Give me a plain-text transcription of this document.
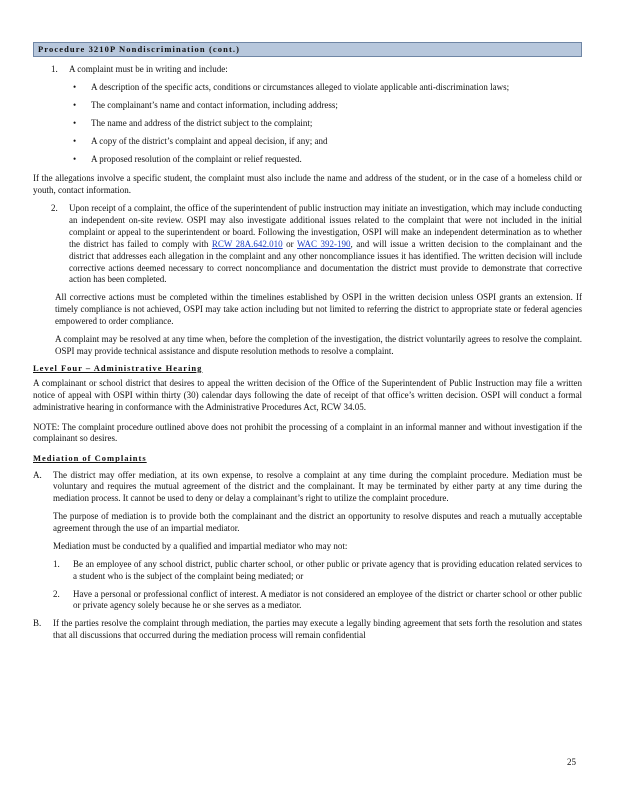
Procedure 3210P Nondiscrimination (cont.)
1. A complaint must be in writing and include:
• A description of the specific acts, conditions or circumstances alleged to violate applicable anti-discrimination laws;
• The complainant’s name and contact information, including address;
• The name and address of the district subject to the complaint;
• A copy of the district’s complaint and appeal decision, if any; and
• A proposed resolution of the complaint or relief requested.

If the allegations involve a specific student, the complaint must also include the name and address of the student, or in the case of a homeless child or youth, contact information.

2. Upon receipt of a complaint, the office of the superintendent of public instruction may initiate an investigation, which may include conducting an independent on-site review. OSPI may also investigate additional issues related to the complaint that were not included in the initial complaint or appeal to the superintendent or board. Following the investigation, OSPI will make an independent determination as to whether the district has failed to comply with RCW 28A.642.010 or WAC 392-190, and will issue a written decision to the complainant and the district that addresses each allegation in the complaint and any other noncompliance issues it has identified. The written decision will include corrective actions deemed necessary to correct noncompliance and documentation the district must provide to demonstrate that corrective action has been completed.

All corrective actions must be completed within the timelines established by OSPI in the written decision unless OSPI grants an extension. If timely compliance is not achieved, OSPI may take action including but not limited to referring the district to appropriate state or federal agencies empowered to order compliance.

A complaint may be resolved at any time when, before the completion of the investigation, the district voluntarily agrees to resolve the complaint. OSPI may provide technical assistance and dispute resolution methods to resolve a complaint.

Level Four – Administrative Hearing

A complainant or school district that desires to appeal the written decision of the Office of the Superintendent of Public Instruction may file a written notice of appeal with OSPI within thirty (30) calendar days following the date of receipt of that office’s written decision. OSPI will conduct a formal administrative hearing in conformance with the Administrative Procedures Act, RCW 34.05.

NOTE: The complaint procedure outlined above does not prohibit the processing of a complaint in an informal manner and without investigation if the complainant so desires.

Mediation of Complaints
A. The district may offer mediation, at its own expense, to resolve a complaint at any time during the complaint procedure. Mediation must be voluntary and requires the mutual agreement of the district and the complainant. It may be terminated by either party at any time during the mediation process. It cannot be used to deny or delay a complainant’s right to utilize the complaint procedure.

The purpose of mediation is to provide both the complainant and the district an opportunity to resolve disputes and reach a mutually acceptable agreement through the use of an impartial mediator.

Mediation must be conducted by a qualified and impartial mediator who may not:

1. Be an employee of any school district, public charter school, or other public or private agency that is providing education related services to a student who is the subject of the complaint being mediated; or
2. Have a personal or professional conflict of interest. A mediator is not considered an employee of the district or charter school or other public or private agency solely because he or she serves as a mediator.
B. If the parties resolve the complaint through mediation, the parties may execute a legally binding agreement that sets forth the resolution and states that all discussions that occurred during the mediation process will remain confidential
25
